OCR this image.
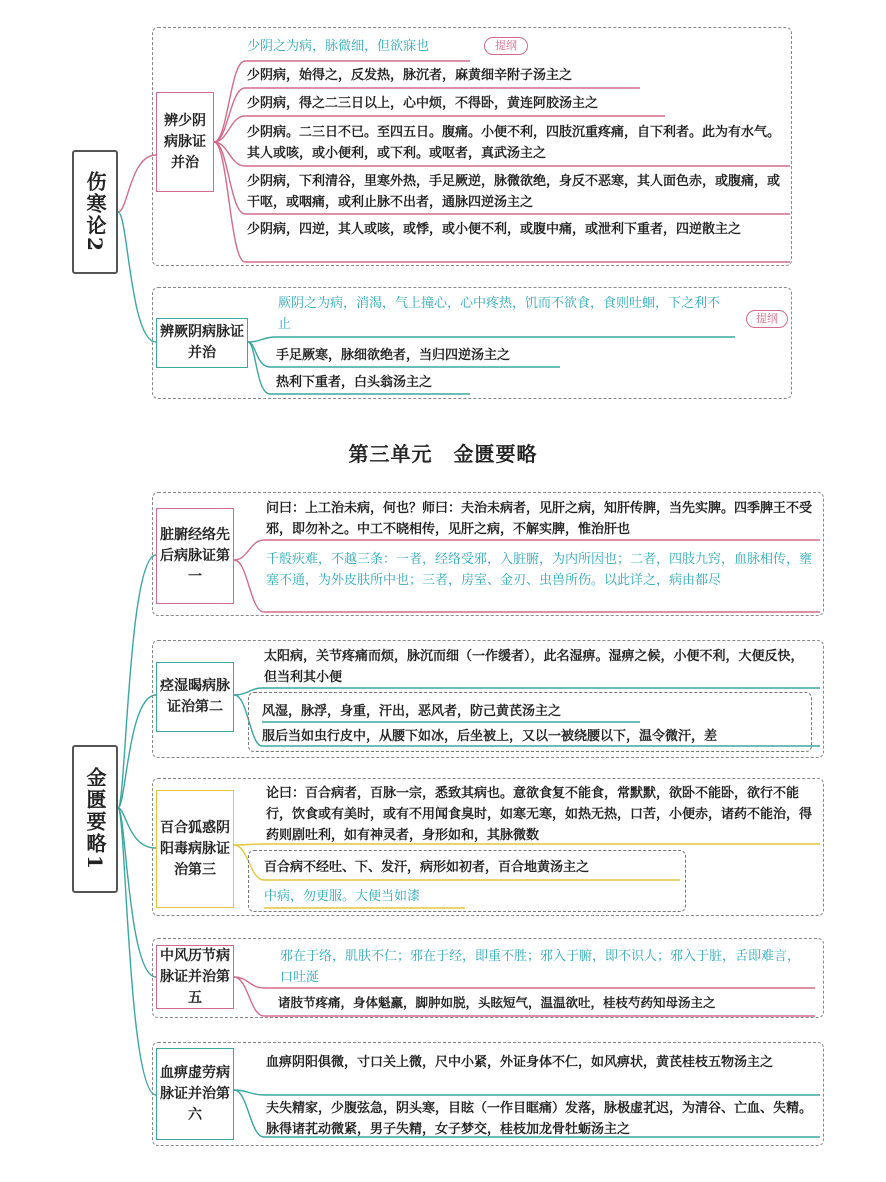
伤寒论2
辨少阴病脉证并治
少阴之为病，脉微细，但欲寐也	提纲
少阴病，始得之，反发热，脉沉者，麻黄细辛附子汤主之
少阴病，得之二三日以上，心中烦，不得卧，黄连阿胶汤主之
少阴病。二三日不已。至四五日。腹痛。小便不利，四肢沉重疼痛，自下利者。此为有水气。其人或咳，或小便利，或下利。或呕者，真武汤主之
少阴病，下利清谷，里寒外热，手足厥逆，脉微欲绝，身反不恶寒，其人面色赤，或腹痛，或干呕，或咽痛，或利止脉不出者，通脉四逆汤主之
少阴病，四逆，其人或咳，或悸，或小便不利，或腹中痛，或泄利下重者，四逆散主之
辨厥阴病脉证并治
厥阴之为病，消渴，气上撞心，心中疼热，饥而不欲食，食则吐蛔，下之利不止	提纲
手足厥寒，脉细欲绝者，当归四逆汤主之
热利下重者，白头翁汤主之
第三单元　金匮要略
金匮要略1
脏腑经络先后病脉证第一
问曰：上工治未病，何也？师曰：夫治未病者，见肝之病，知肝传脾，当先实脾。四季脾王不受邪，即勿补之。中工不晓相传，见肝之病，不解实脾，惟治肝也
千般疢难，不越三条：一者，经络受邪，入脏腑，为内所因也；二者，四肢九窍，血脉相传，壅塞不通，为外皮肤所中也；三者，房室、金刃、虫兽所伤。以此详之，病由都尽
痉湿暍病脉证治第二
太阳病，关节疼痛而烦，脉沉而细（一作缓者），此名湿痹。湿痹之候，小便不利，大便反快，但当利其小便
风湿，脉浮，身重，汗出，恶风者，防己黄芪汤主之
服后当如虫行皮中，从腰下如冰，后坐被上，又以一被绕腰以下，温令微汗，差
百合狐惑阴阳毒病脉证治第三
论曰：百合病者，百脉一宗，悉致其病也。意欲食复不能食，常默默，欲卧不能卧，欲行不能行，饮食或有美时，或有不用闻食臭时，如寒无寒，如热无热，口苦，小便赤，诸药不能治，得药则剧吐利，如有神灵者，身形如和，其脉微数
百合病不经吐、下、发汗，病形如初者，百合地黄汤主之
中病，勿更服。大便当如漆
中风历节病脉证并治第五
邪在于络，肌肤不仁；邪在于经，即重不胜；邪入于腑，即不识人；邪入于脏，舌即难言，口吐涎
诸肢节疼痛，身体魁羸，脚肿如脱，头眩短气，温温欲吐，桂枝芍药知母汤主之
血痹虚劳病脉证并治第六
血痹阴阳俱微，寸口关上微，尺中小紧，外证身体不仁，如风痹状，黄芪桂枝五物汤主之
夫失精家，少腹弦急，阴头寒，目眩（一作目眶痛）发落，脉极虚芤迟，为清谷、亡血、失精。脉得诸芤动微紧，男子失精，女子梦交，桂枝加龙骨牡蛎汤主之
